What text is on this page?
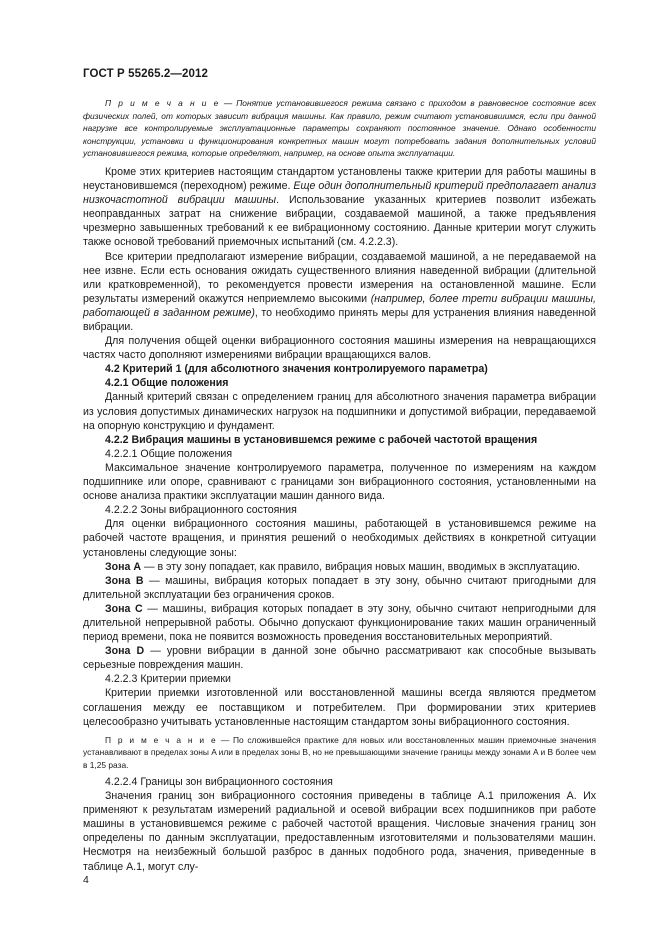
ГОСТ Р 55265.2—2012

П р и м е ч а н и е — Понятие установившегося режима связано с приходом в равновесное состояние всех физических полей, от которых зависит вибрация машины. Как правило, режим считают установившимся, если при данной нагрузке все контролируемые эксплуатационные параметры сохраняют постоянное значение. Однако особенности конструкции, установки и функционирования конкретных машин могут потребовать задания дополнительных условий установившегося режима, которые определяют, например, на основе опыта эксплуатации.

Кроме этих критериев настоящим стандартом установлены также критерии для работы машины в неустановившемся (переходном) режиме. Еще один дополнительный критерий предполагает анализ низкочастотной вибрации машины. Использование указанных критериев позволит избежать неоправданных затрат на снижение вибрации, создаваемой машиной, а также предъявления чрезмерно завышенных требований к ее вибрационному состоянию. Данные критерии могут служить также основой требований приемочных испытаний (см. 4.2.2.3).

Все критерии предполагают измерение вибрации, создаваемой машиной, а не передаваемой на нее извне. Если есть основания ожидать существенного влияния наведенной вибрации (длительной или кратковременной), то рекомендуется провести измерения на остановленной машине. Если результаты измерений окажутся неприемлемо высокими (например, более трети вибрации машины, работающей в заданном режиме), то необходимо принять меры для устранения влияния наведенной вибрации.

Для получения общей оценки вибрационного состояния машины измерения на невращающихся частях часто дополняют измерениями вибрации вращающихся валов.

4.2 Критерий 1 (для абсолютного значения контролируемого параметра)

4.2.1 Общие положения

Данный критерий связан с определением границ для абсолютного значения параметра вибрации из условия допустимых динамических нагрузок на подшипники и допустимой вибрации, передаваемой на опорную конструкцию и фундамент.

4.2.2 Вибрация машины в установившемся режиме с рабочей частотой вращения

4.2.2.1 Общие положения

Максимальное значение контролируемого параметра, полученное по измерениям на каждом подшипнике или опоре, сравнивают с границами зон вибрационного состояния, установленными на основе анализа практики эксплуатации машин данного вида.

4.2.2.2 Зоны вибрационного состояния

Для оценки вибрационного состояния машины, работающей в установившемся режиме на рабочей частоте вращения, и принятия решений о необходимых действиях в конкретной ситуации установлены следующие зоны:

Зона A — в эту зону попадает, как правило, вибрация новых машин, вводимых в эксплуатацию.

Зона B — машины, вибрация которых попадает в эту зону, обычно считают пригодными для длительной эксплуатации без ограничения сроков.

Зона C — машины, вибрация которых попадает в эту зону, обычно считают непригодными для длительной непрерывной работы. Обычно допускают функционирование таких машин ограниченный период времени, пока не появится возможность проведения восстановительных мероприятий.

Зона D — уровни вибрации в данной зоне обычно рассматривают как способные вызывать серьезные повреждения машин.

4.2.2.3 Критерии приемки

Критерии приемки изготовленной или восстановленной машины всегда являются предметом соглашения между ее поставщиком и потребителем. При формировании этих критериев целесообразно учитывать установленные настоящим стандартом зоны вибрационного состояния.

П р и м е ч а н и е — По сложившейся практике для новых или восстановленных машин приемочные значения устанавливают в пределах зоны A или в пределах зоны B, но не превышающими значение границы между зонами A и B более чем в 1,25 раза.

4.2.2.4 Границы зон вибрационного состояния

Значения границ зон вибрационного состояния приведены в таблице А.1 приложения А. Их применяют к результатам измерений радиальной и осевой вибрации всех подшипников при работе машины в установившемся режиме с рабочей частотой вращения. Числовые значения границ зон определены по данным эксплуатации, предоставленным изготовителями и пользователями машин. Несмотря на неизбежный большой разброс в данных подобного рода, значения, приведенные в таблице А.1, могут слу-

4
